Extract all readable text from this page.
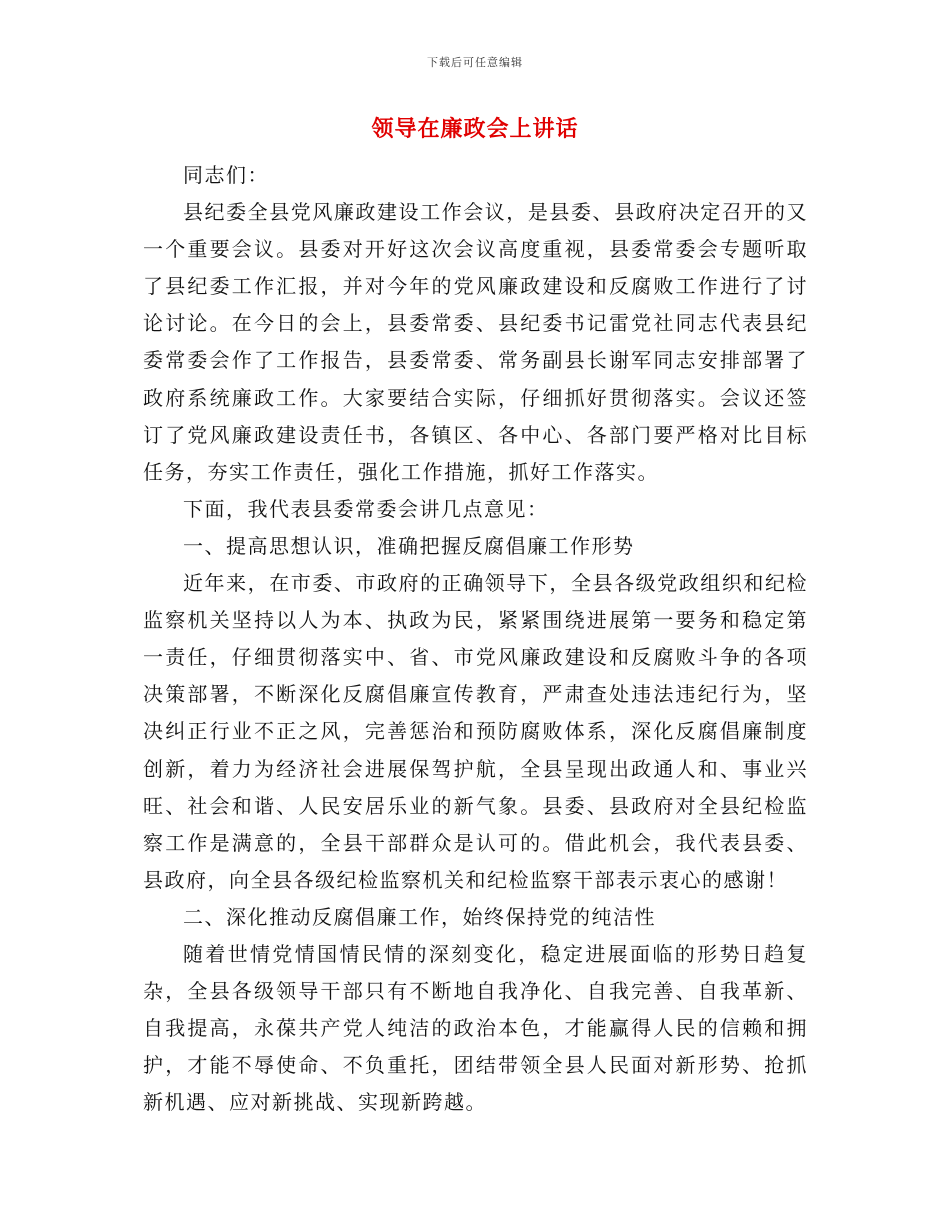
下载后可任意编辑
领导在廉政会上讲话

同志们：

县纪委全县党风廉政建设工作会议，是县委、县政府决定召开的又一个重要会议。县委对开好这次会议高度重视，县委常委会专题听取了县纪委工作汇报，并对今年的党风廉政建设和反腐败工作进行了讨论讨论。在今日的会上，县委常委、县纪委书记雷党社同志代表县纪委常委会作了工作报告，县委常委、常务副县长谢军同志安排部署了政府系统廉政工作。大家要结合实际，仔细抓好贯彻落实。会议还签订了党风廉政建设责任书，各镇区、各中心、各部门要严格对比目标任务，夯实工作责任，强化工作措施，抓好工作落实。

下面，我代表县委常委会讲几点意见：

一、提高思想认识，准确把握反腐倡廉工作形势

近年来，在市委、市政府的正确领导下，全县各级党政组织和纪检监察机关坚持以人为本、执政为民，紧紧围绕进展第一要务和稳定第一责任，仔细贯彻落实中、省、市党风廉政建设和反腐败斗争的各项决策部署，不断深化反腐倡廉宣传教育，严肃查处违法违纪行为，坚决纠正行业不正之风，完善惩治和预防腐败体系，深化反腐倡廉制度创新，着力为经济社会进展保驾护航，全县呈现出政通人和、事业兴旺、社会和谐、人民安居乐业的新气象。县委、县政府对全县纪检监察工作是满意的，全县干部群众是认可的。借此机会，我代表县委、县政府，向全县各级纪检监察机关和纪检监察干部表示衷心的感谢！

二、深化推动反腐倡廉工作，始终保持党的纯洁性

随着世情党情国情民情的深刻变化，稳定进展面临的形势日趋复杂，全县各级领导干部只有不断地自我净化、自我完善、自我革新、自我提高，永葆共产党人纯洁的政治本色，才能赢得人民的信赖和拥护，才能不辱使命、不负重托，团结带领全县人民面对新形势、抢抓新机遇、应对新挑战、实现新跨越。
